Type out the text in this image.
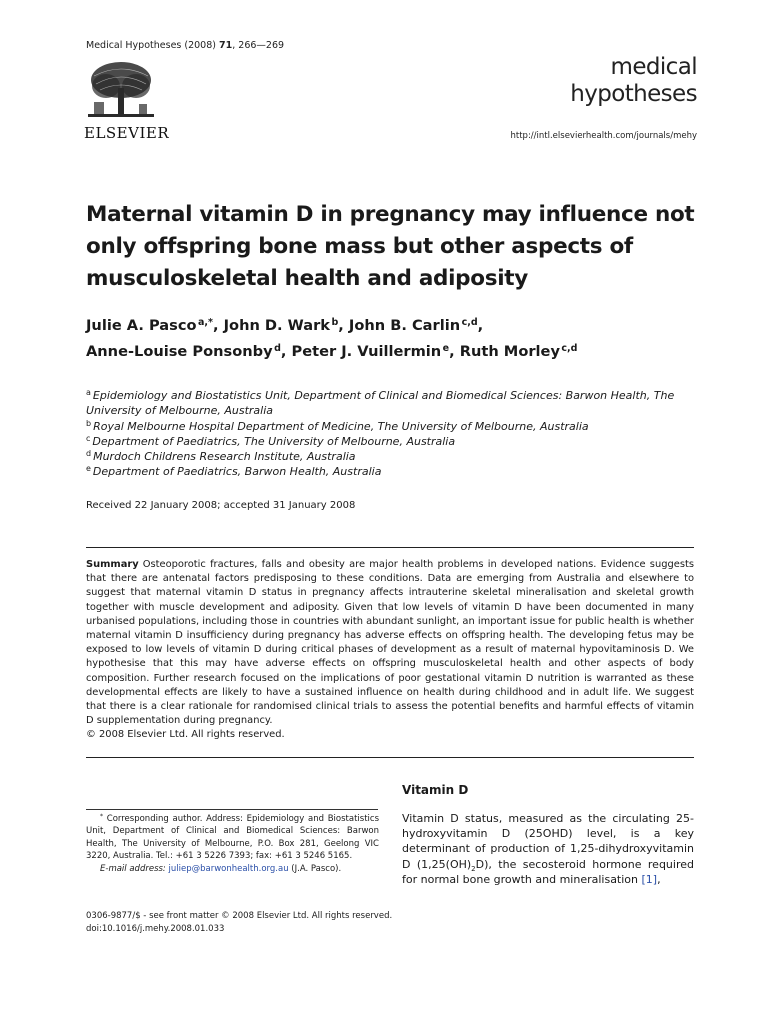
Medical Hypotheses (2008) 71, 266—269
ELSEVIER
medical
hypotheses
http://intl.elsevierhealth.com/journals/mehy
Maternal vitamin D in pregnancy may influence not only offspring bone mass but other aspects of musculoskeletal health and adiposity
Julie A. Pasco $^{a,*}$, John D. Wark $^b$, John B. Carlin $^{c,d}$,
Anne-Louise Ponsonby $^d$, Peter J. Vuillermin $^e$, Ruth Morley $^{c,d}$
$^a$ Epidemiology and Biostatistics Unit, Department of Clinical and Biomedical Sciences: Barwon Health, The University of Melbourne, Australia
$^b$ Royal Melbourne Hospital Department of Medicine, The University of Melbourne, Australia
$^c$ Department of Paediatrics, The University of Melbourne, Australia
$^d$ Murdoch Childrens Research Institute, Australia
$^e$ Department of Paediatrics, Barwon Health, Australia
Received 22 January 2008; accepted 31 January 2008
Summary Osteoporotic fractures, falls and obesity are major health problems in developed nations. Evidence suggests that there are antenatal factors predisposing to these conditions. Data are emerging from Australia and elsewhere to suggest that maternal vitamin D status in pregnancy affects intrauterine skeletal mineralisation and skeletal growth together with muscle development and adiposity. Given that low levels of vitamin D have been documented in many urbanised populations, including those in countries with abundant sunlight, an important issue for public health is whether maternal vitamin D insufficiency during pregnancy has adverse effects on offspring health. The developing fetus may be exposed to low levels of vitamin D during critical phases of development as a result of maternal hypovitaminosis D. We hypothesise that this may have adverse effects on offspring musculoskeletal health and other aspects of body composition. Further research focused on the implications of poor gestational vitamin D nutrition is warranted as these developmental effects are likely to have a sustained influence on health during childhood and in adult life. We suggest that there is a clear rationale for randomised clinical trials to assess the potential benefits and harmful effects of vitamin D supplementation during pregnancy.
© 2008 Elsevier Ltd. All rights reserved.
* Corresponding author. Address: Epidemiology and Biostatistics Unit, Department of Clinical and Biomedical Sciences: Barwon Health, The University of Melbourne, P.O. Box 281, Geelong VIC 3220, Australia. Tel.: +61 3 5226 7393; fax: +61 3 5246 5165.
E-mail address: juliep@barwonhealth.org.au (J.A. Pasco).
Vitamin D
Vitamin D status, measured as the circulating 25-hydroxyvitamin D (25OHD) level, is a key determinant of production of 1,25-dihydroxyvitamin D $(1,25(OH)_2D)$, the secosteroid hormone required for normal bone growth and mineralisation [1],
0306-9877/$ - see front matter © 2008 Elsevier Ltd. All rights reserved.
doi:10.1016/j.mehy.2008.01.033
